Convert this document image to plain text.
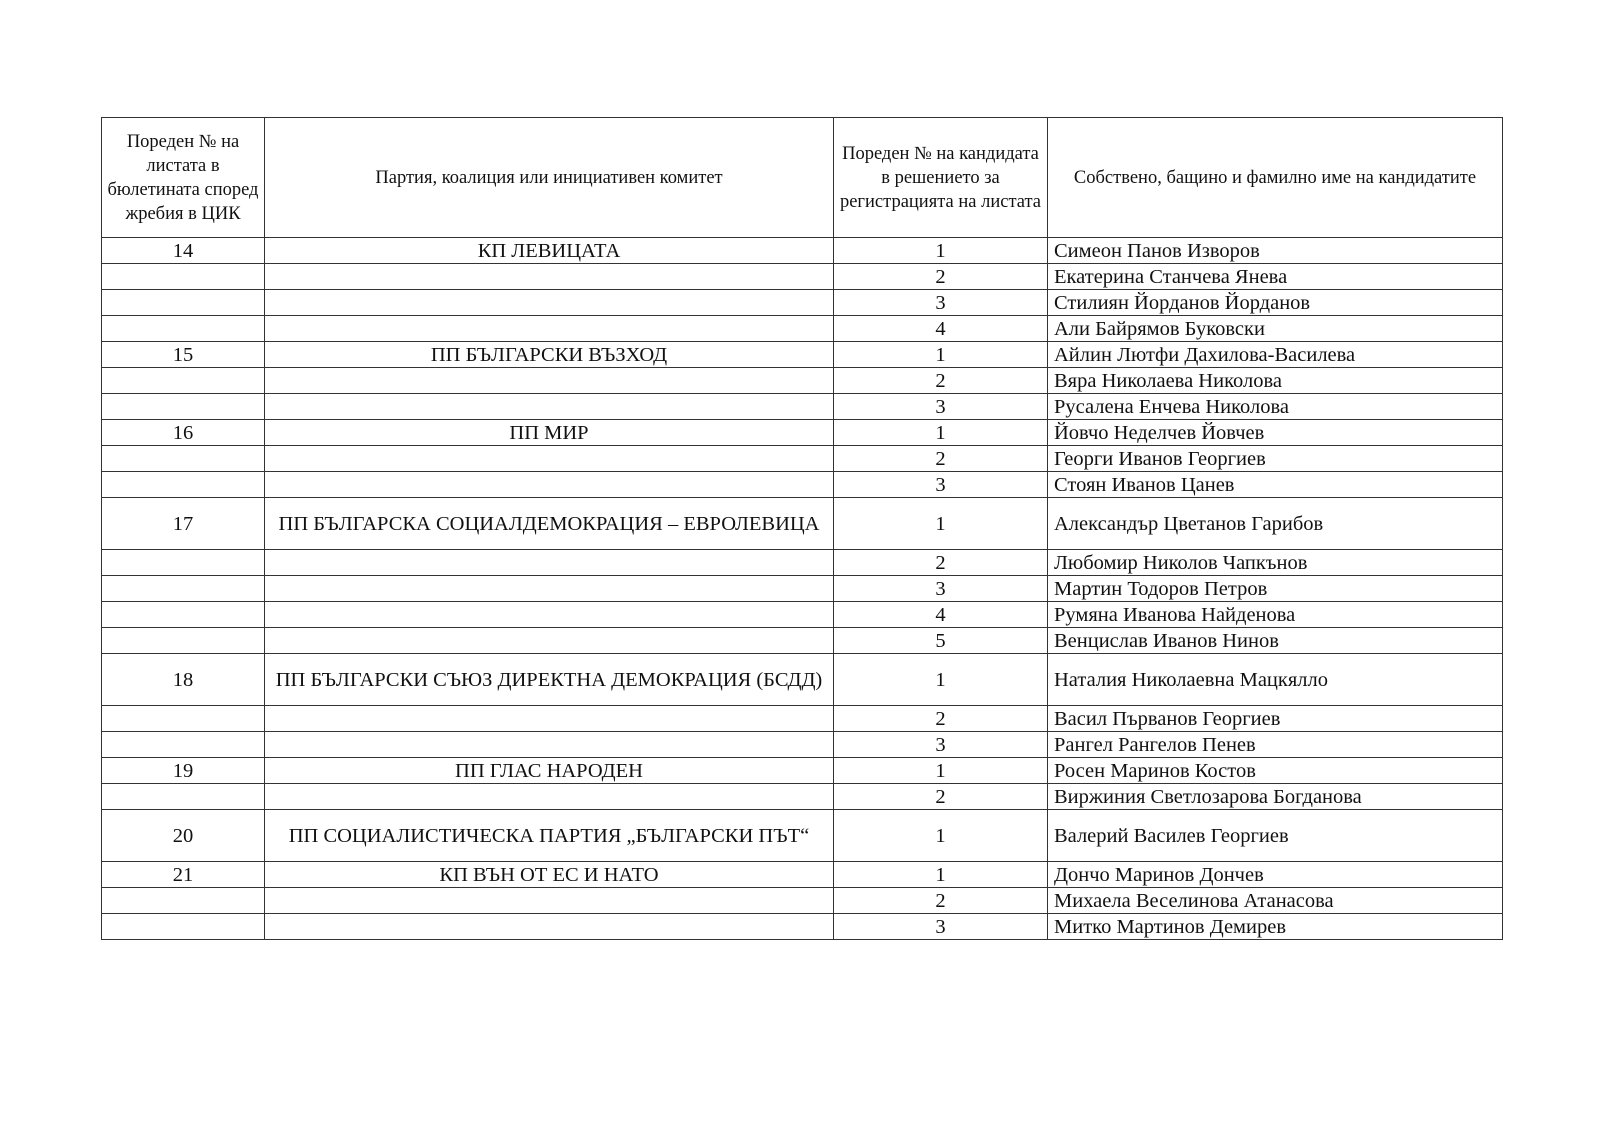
Пореден № на листата в бюлетината според жребия в ЦИК	Партия, коалиция или инициативен комитет	Пореден № на кандидата в решението за регистрацията на листата	Собствено, бащино и фамилно име на кандидатите
14	КП ЛЕВИЦАТА	1	Симеон Панов Изворов
		2	Екатерина Станчева Янева
		3	Стилиян Йорданов Йорданов
		4	Али Байрямов Буковски
15	ПП БЪЛГАРСКИ ВЪЗХОД	1	Айлин Лютфи Дахилова-Василева
		2	Вяра Николаева Николова
		3	Русалена Енчева Николова
16	ПП МИР	1	Йовчо Неделчев Йовчев
		2	Георги Иванов Георгиев
		3	Стоян Иванов Цанев
17	ПП БЪЛГАРСКА СОЦИАЛДЕМОКРАЦИЯ – ЕВРОЛЕВИЦА	1	Александър Цветанов Гарибов
		2	Любомир Николов Чапкънов
		3	Мартин Тодоров Петров
		4	Румяна Иванова Найденова
		5	Венцислав Иванов Нинов
18	ПП БЪЛГАРСКИ СЪЮЗ ДИРЕКТНА ДЕМОКРАЦИЯ (БСДД)	1	Наталия Николаевна Мацкялло
		2	Васил Първанов Георгиев
		3	Рангел Рангелов Пенев
19	ПП ГЛАС НАРОДЕН	1	Росен Маринов Костов
		2	Виржиния Светлозарова Богданова
20	ПП СОЦИАЛИСТИЧЕСКА ПАРТИЯ „БЪЛГАРСКИ ПЪТ“	1	Валерий Василев Георгиев
21	КП ВЪН ОТ ЕС И НАТО	1	Дончо Маринов Дончев
		2	Михаела Веселинова Атанасова
		3	Митко Мартинов Демирев
